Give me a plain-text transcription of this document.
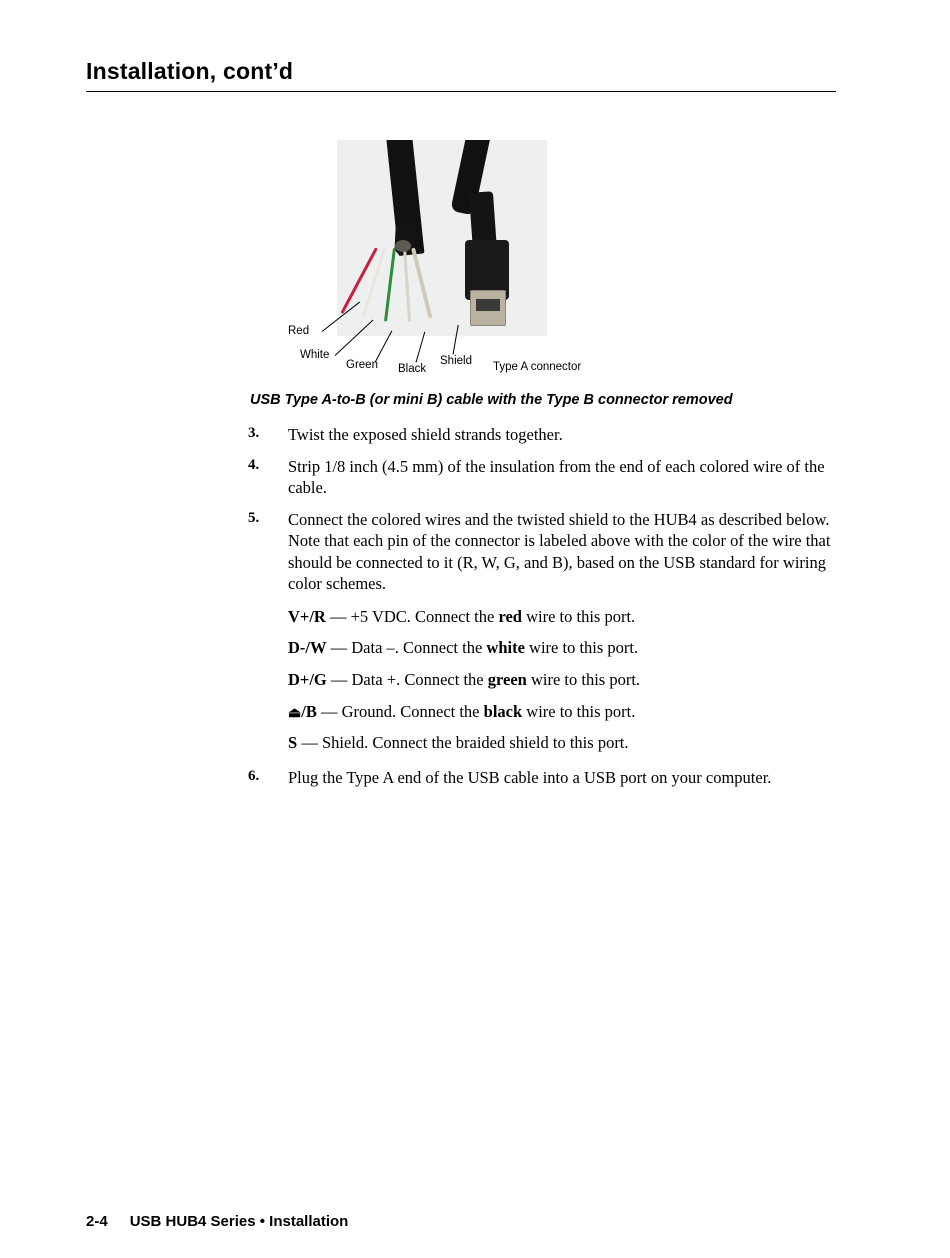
Installation, cont’d
Red
White
Green Black
Shield Type A connector
USB Type A-to-B (or mini B) cable with the Type B connector removed
3.	Twist the exposed shield strands together.
4.	Strip 1/8 inch (4.5 mm) of the insulation from the end of each colored wire of the cable.
5.	Connect the colored wires and the twisted shield to the HUB4 as described below. Note that each pin of the connector is labeled above with the color of the wire that should be connected to it (R, W, G, and B), based on the USB standard for wiring color schemes.
V+/R — +5 VDC. Connect the red wire to this port.
D-/W — Data –. Connect the white wire to this port.
D+/G — Data +. Connect the green wire to this port.
⏏/B — Ground. Connect the black wire to this port.
S — Shield. Connect the braided shield to this port.
6.	Plug the Type A end of the USB cable into a USB port on your computer.
2-4 USB HUB4 Series • Installation
